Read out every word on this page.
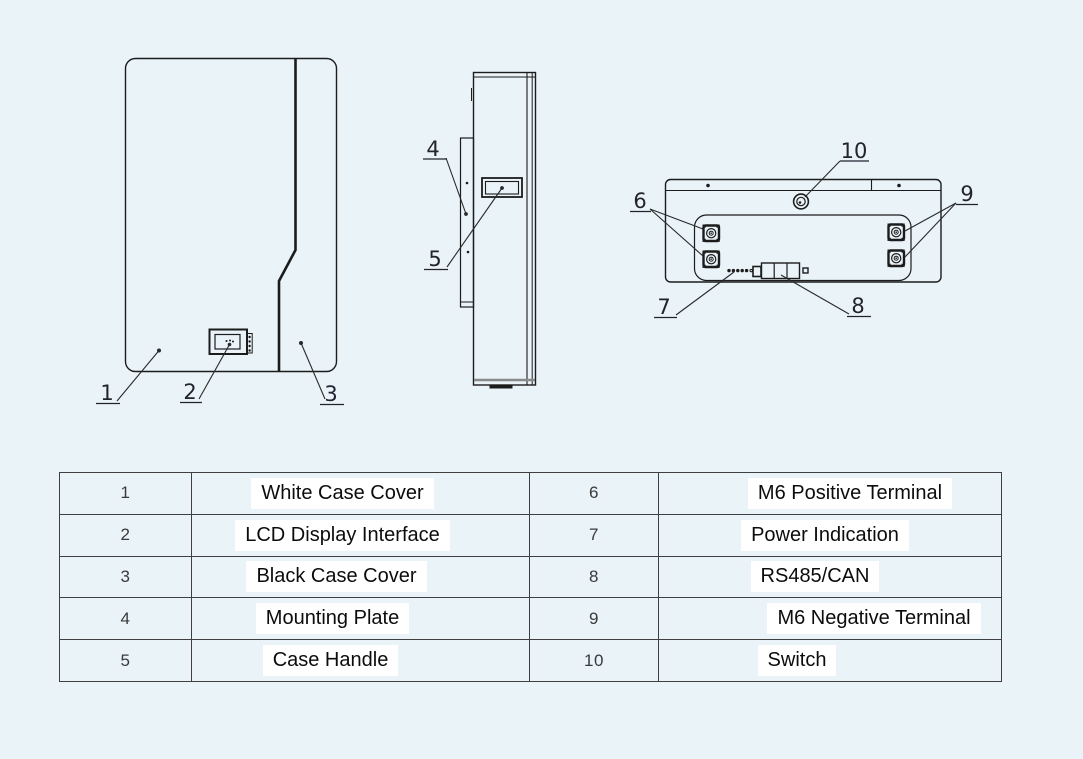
1	2	3
4
5
6
7	8
9
10
1	White Case Cover	6	M6 Positive Terminal
2	LCD Display Interface	7	Power Indication
3	Black Case Cover	8	RS485/CAN
4	Mounting Plate	9	M6 Negative Terminal
5	Case Handle	10	Switch
